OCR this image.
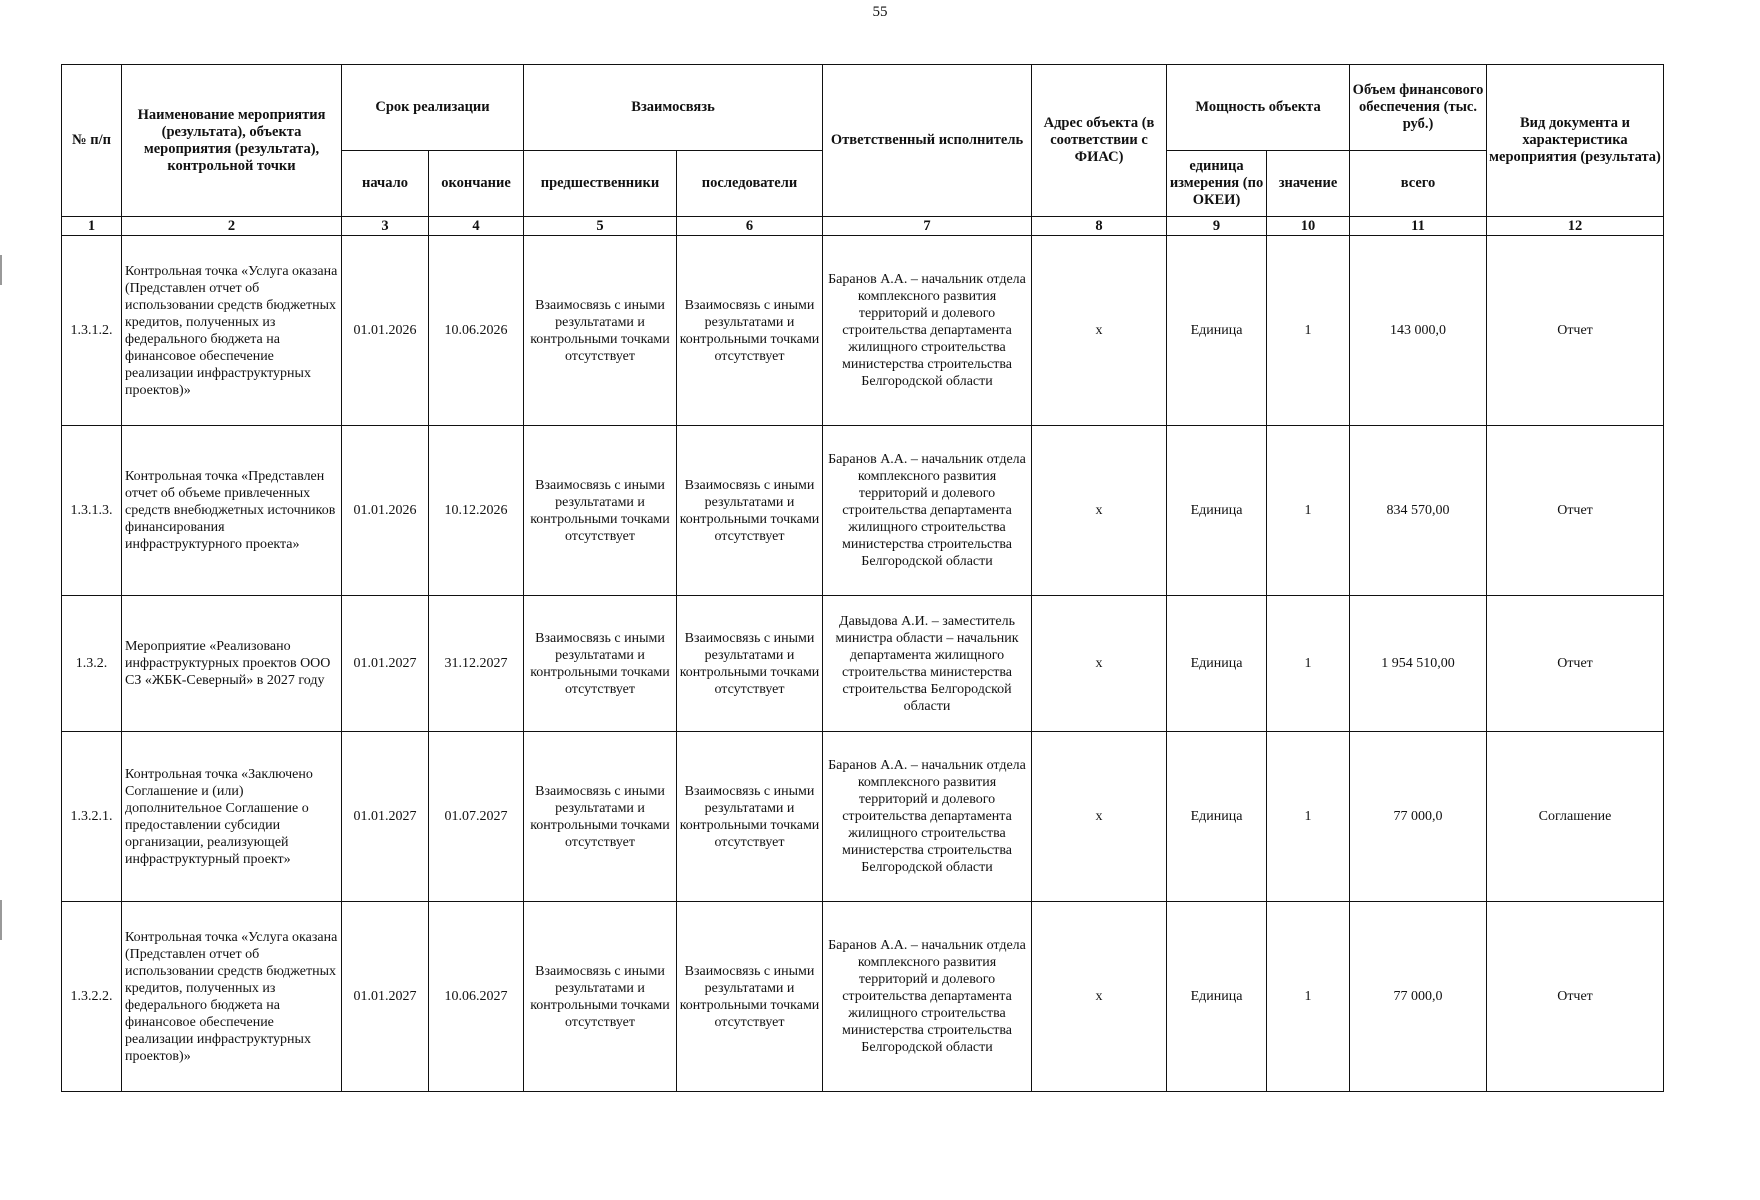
55
№ п/п	Наименование мероприятия (результата), объекта мероприятия (результата), контрольной точки	Срок реализации		Взаимосвязь		Ответственный исполнитель	Адрес объекта (в соответствии с ФИАС)	Мощность объекта		Объем финансового обеспечения (тыс. руб.)	Вид документа и характеристика мероприятия (результата)
		начало	окончание	предшественники	последователи			единица измерения (по ОКЕИ)	значение	всего	
1	2	3	4	5	6	7	8	9	10	11	12
1.3.1.2.	Контрольная точка «Услуга оказана (Представлен отчет об использовании средств бюджетных кредитов, полученных из федерального бюджета на финансовое обеспечение реализации инфраструктурных проектов)»	01.01.2026	10.06.2026	Взаимосвязь с иными результатами и контрольными точками отсутствует	Взаимосвязь с иными результатами и контрольными точками отсутствует	Баранов А.А. – начальник отдела комплексного развития территорий и долевого строительства департамента жилищного строительства министерства строительства Белгородской области	x	Единица	1	143 000,0	Отчет
1.3.1.3.	Контрольная точка «Представлен отчет об объеме привлеченных средств внебюджетных источников финансирования инфраструктурного проекта»	01.01.2026	10.12.2026	Взаимосвязь с иными результатами и контрольными точками отсутствует	Взаимосвязь с иными результатами и контрольными точками отсутствует	Баранов А.А. – начальник отдела комплексного развития территорий и долевого строительства департамента жилищного строительства министерства строительства Белгородской области	x	Единица	1	834 570,00	Отчет
1.3.2.	Мероприятие «Реализовано инфраструктурных проектов ООО СЗ «ЖБК-Северный» в 2027 году	01.01.2027	31.12.2027	Взаимосвязь с иными результатами и контрольными точками отсутствует	Взаимосвязь с иными результатами и контрольными точками отсутствует	Давыдова А.И. – заместитель министра области – начальник департамента жилищного строительства министерства строительства Белгородской области	x	Единица	1	1 954 510,00	Отчет
1.3.2.1.	Контрольная точка «Заключено Соглашение и (или) дополнительное Соглашение о предоставлении субсидии организации, реализующей инфраструктурный проект»	01.01.2027	01.07.2027	Взаимосвязь с иными результатами и контрольными точками отсутствует	Взаимосвязь с иными результатами и контрольными точками отсутствует	Баранов А.А. – начальник отдела комплексного развития территорий и долевого строительства департамента жилищного строительства министерства строительства Белгородской области	x	Единица	1	77 000,0	Соглашение
1.3.2.2.	Контрольная точка «Услуга оказана (Представлен отчет об использовании средств бюджетных кредитов, полученных из федерального бюджета на финансовое обеспечение реализации инфраструктурных проектов)»	01.01.2027	10.06.2027	Взаимосвязь с иными результатами и контрольными точками отсутствует	Взаимосвязь с иными результатами и контрольными точками отсутствует	Баранов А.А. – начальник отдела комплексного развития территорий и долевого строительства департамента жилищного строительства министерства строительства Белгородской области	x	Единица	1	77 000,0	Отчет
